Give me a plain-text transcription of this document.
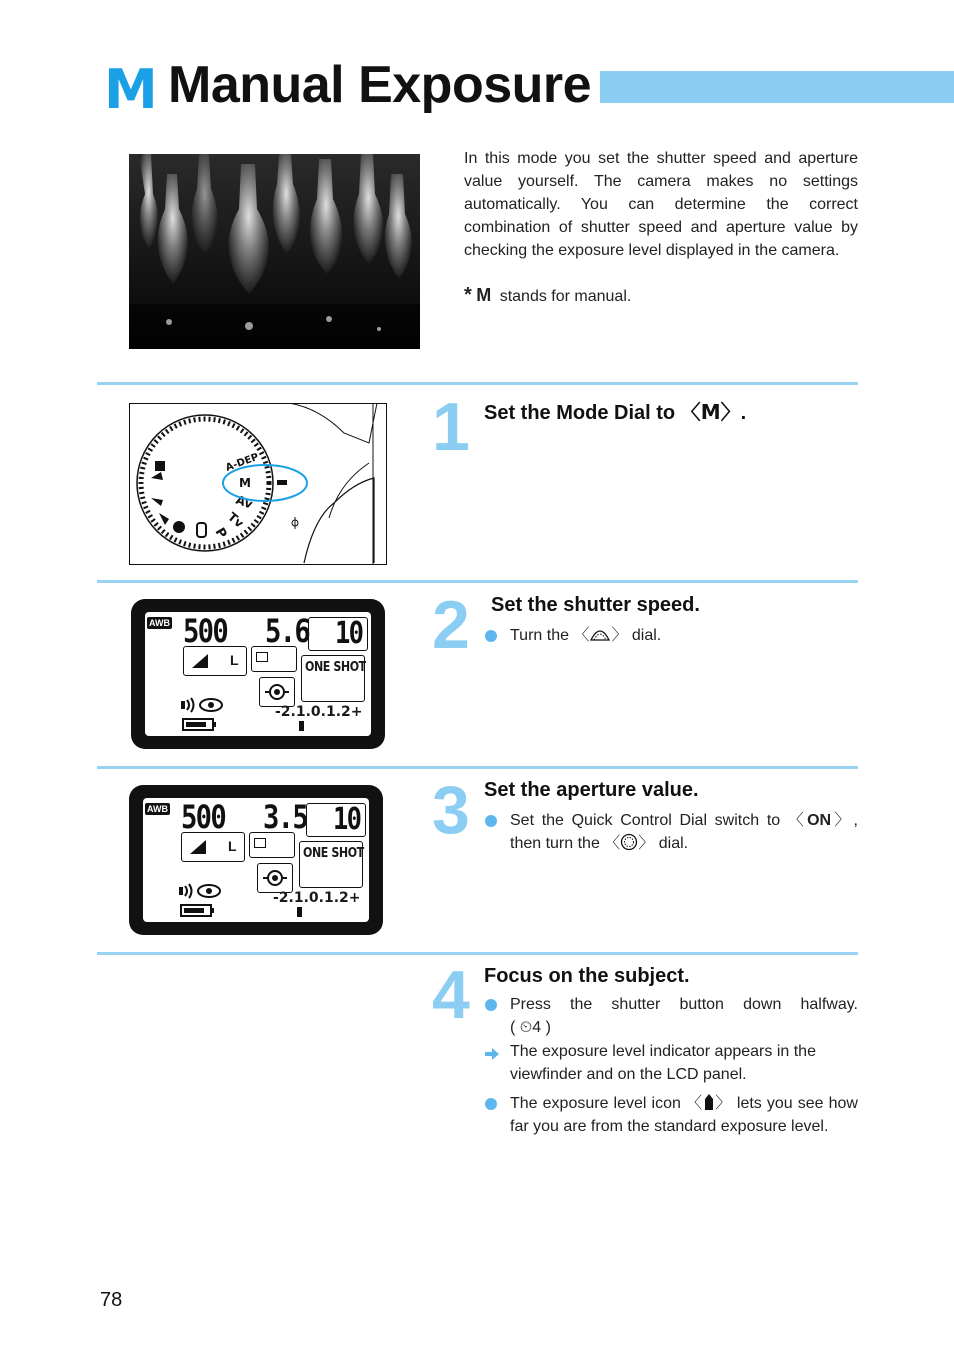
M Manual Exposure
In this mode you set the shutter speed and aperture value yourself. The camera makes no settings automatically. You can determine the correct combination of shutter speed and aperture value by checking the exposure level displayed in the camera.
* M stands for manual.
A-DEP
M
Av
Tv
P
1 Set the Mode Dial to 〈M〉.
AWB 500 5.6 10
L	ONE SHOT
-2.1.0.1.2+
2 Set the shutter speed.
Turn the 〈 〉 dial.
AWB 500 3.5 10
L	ONE SHOT
-2.1.0.1.2+
3 Set the aperture value.
Set the Quick Control Dial switch to 〈ON〉, then turn the 〈 〉 dial.
4 Focus on the subject.
Press the shutter button down halfway.
( ⏲4 )
The exposure level indicator appears in the viewfinder and on the LCD panel.
The exposure level icon 〈 〉 lets you see how far you are from the standard exposure level.
78
